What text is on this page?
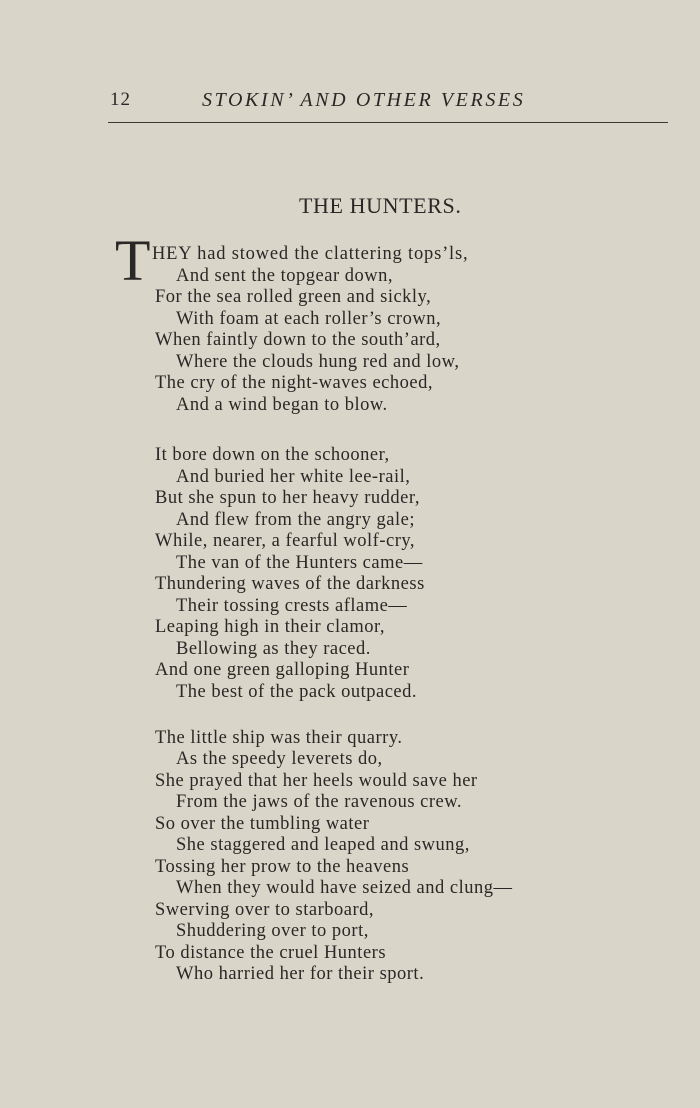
12	STOKIN’ AND OTHER VERSES
THE HUNTERS.
T HEY had stowed the clattering tops’ls,
And sent the topgear down,
For the sea rolled green and sickly,
With foam at each roller’s crown,
When faintly down to the south’ard,
Where the clouds hung red and low,
The cry of the night-waves echoed,
And a wind began to blow.
It bore down on the schooner,
And buried her white lee-rail,
But she spun to her heavy rudder,
And flew from the angry gale;
While, nearer, a fearful wolf-cry,
The van of the Hunters came—
Thundering waves of the darkness
Their tossing crests aflame—
Leaping high in their clamor,
Bellowing as they raced.
And one green galloping Hunter
The best of the pack outpaced.
The little ship was their quarry.
As the speedy leverets do,
She prayed that her heels would save her
From the jaws of the ravenous crew.
So over the tumbling water
She staggered and leaped and swung,
Tossing her prow to the heavens
When they would have seized and clung—
Swerving over to starboard,
Shuddering over to port,
To distance the cruel Hunters
Who harried her for their sport.
